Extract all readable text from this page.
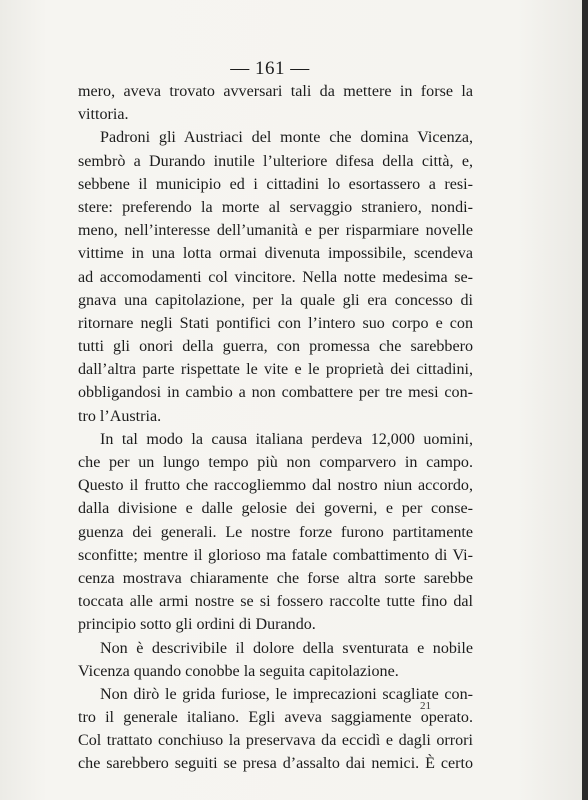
— 161 —
mero, aveva trovato avversari tali da mettere in forse la
vittoria.
Padroni gli Austriaci del monte che domina Vicenza,
sembrò a Durando inutile l’ulteriore difesa della città, e,
sebbene il municipio ed i cittadini lo esortassero a resi-
stere: preferendo la morte al servaggio straniero, nondi-
meno, nell’interesse dell’umanità e per risparmiare novelle
vittime in una lotta ormai divenuta impossibile, scendeva
ad accomodamenti col vincitore. Nella notte medesima se-
gnava una capitolazione, per la quale gli era concesso di
ritornare negli Stati pontifici con l’intero suo corpo e con
tutti gli onori della guerra, con promessa che sarebbero
dall’altra parte rispettate le vite e le proprietà dei cittadini,
obbligandosi in cambio a non combattere per tre mesi con-
tro l’Austria.
In tal modo la causa italiana perdeva 12,000 uomini,
che per un lungo tempo più non comparvero in campo.
Questo il frutto che raccogliemmo dal nostro niun accordo,
dalla divisione e dalle gelosie dei governi, e per conse-
guenza dei generali. Le nostre forze furono partitamente
sconfitte; mentre il glorioso ma fatale combattimento di Vi-
cenza mostrava chiaramente che forse altra sorte sarebbe
toccata alle armi nostre se si fossero raccolte tutte fino dal
principio sotto gli ordini di Durando.
Non è descrivibile il dolore della sventurata e nobile
Vicenza quando conobbe la seguita capitolazione.
Non dirò le grida furiose, le imprecazioni scagliate con-
tro il generale italiano. Egli aveva saggiamente operato.
Col trattato conchiuso la preservava da eccidì e dagli orrori
che sarebbero seguiti se presa d’assalto dai nemici. È certo
21
